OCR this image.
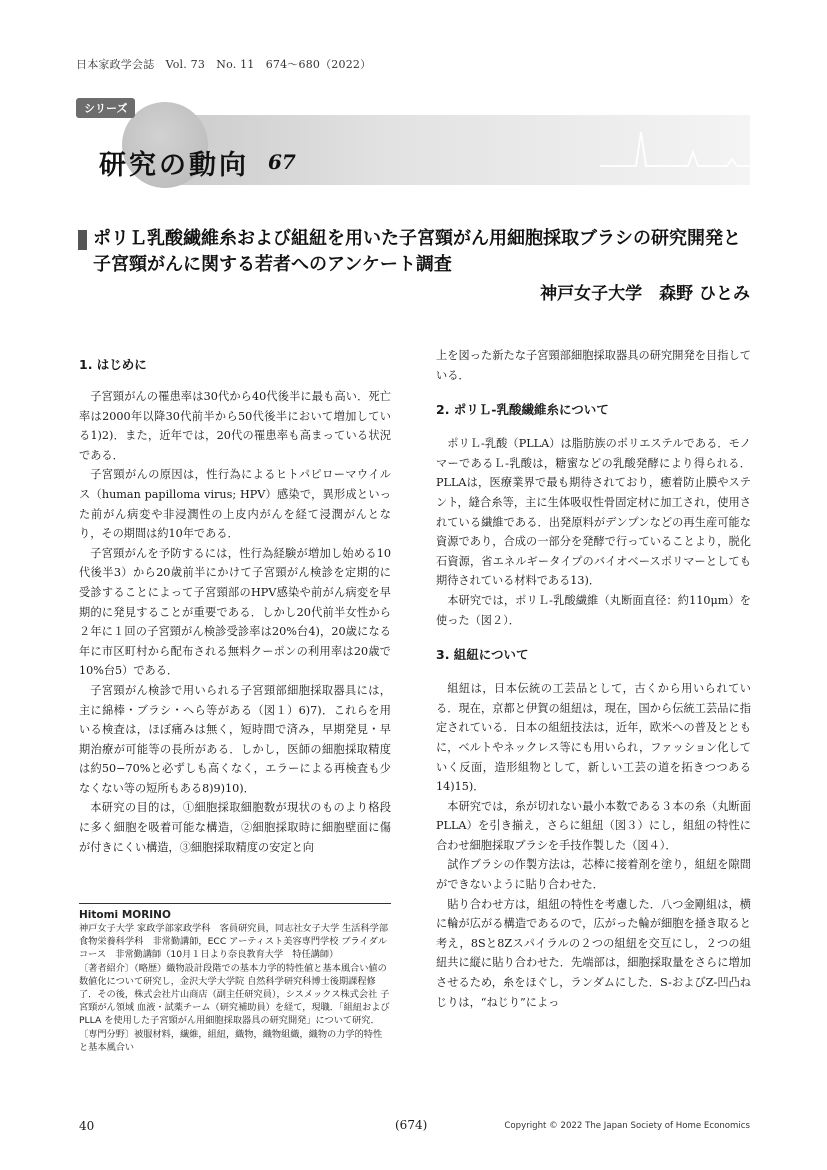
日本家政学会誌　Vol. 73　No. 11　674～680（2022）
シリーズ
研究の動向 67
ポリＬ乳酸繊維糸および組紐を用いた子宮頸がん用細胞採取ブラシの研究開発と子宮頸がんに関する若者へのアンケート調査
神戸女子大学　森野 ひとみ
1. はじめに

子宮頸がんの罹患率は30代から40代後半に最も高い．死亡率は2000年以降30代前半から50代後半において増加している1)2)．また，近年では，20代の罹患率も高まっている状況である．

子宮頸がんの原因は，性行為によるヒトパピローマウイルス（human papilloma virus; HPV）感染で，異形成といった前がん病変や非浸潤性の上皮内がんを経て浸潤がんとなり，その期間は約10年である．

子宮頸がんを予防するには，性行為経験が増加し始める10代後半3）から20歳前半にかけて子宮頸がん検診を定期的に受診することによって子宮頸部のHPV感染や前がん病変を早期的に発見することが重要である．しかし20代前半女性から２年に１回の子宮頸がん検診受診率は20%台4)，20歳になる年に市区町村から配布される無料クーポンの利用率は20歳で10%台5）である．

子宮頸がん検診で用いられる子宮頸部細胞採取器具には，主に綿棒・ブラシ・へら等がある（図１）6)7)．これらを用いる検査は，ほぼ痛みは無く，短時間で済み，早期発見・早期治療が可能等の長所がある．しかし，医師の細胞採取精度は約50−70%と必ずしも高くなく，エラーによる再検査も少なくない等の短所もある8)9)10)．

本研究の目的は，①細胞採取細胞数が現状のものより格段に多く細胞を吸着可能な構造，②細胞採取時に細胞壁面に傷が付きにくい構造，③細胞採取精度の安定と向

Hitomi MORINO
神戸女子大学 家政学部家政学科　客員研究員，同志社女子大学 生活科学部 食物栄養科学科　非常勤講師，ECC アーティスト美容専門学校 ブライダルコース　非常勤講師（10月１日より奈良教育大学　特任講師）
〔著者紹介〕（略歴）織物設計段階での基本力学的特性値と基本風合い値の数値化について研究し，金沢大学大学院 自然科学研究科博士後期課程修了．その後，株式会社片山商店（副主任研究員），シスメックス株式会社 子宮頸がん領域 血液・試薬チーム（研究補助員）を経て，現職．「組紐および PLLA を使用した子宮頸がん用細胞採取器具の研究開発」について研究．
〔専門分野〕被服材料，繊維，組紐，織物，織物組織，織物の力学的特性と基本風合い

上を図った新たな子宮頸部細胞採取器具の研究開発を目指している．

2. ポリＬ-乳酸繊維糸について

ポリＬ-乳酸（PLLA）は脂肪族のポリエステルである．モノマーであるＬ-乳酸は，糖蜜などの乳酸発酵により得られる．PLLAは，医療業界で最も期待されており，癒着防止膜やステント，縫合糸等，主に生体吸収性骨固定材に加工され，使用されている繊維である．出発原料がデンプンなどの再生産可能な資源であり，合成の一部分を発酵で行っていることより，脱化石資源，省エネルギータイプのバイオベースポリマーとしても期待されている材料である13)．

本研究では，ポリＬ-乳酸繊維（丸断面直径：約110μm）を使った（図２）．

3. 組紐について

組紐は，日本伝統の工芸品として，古くから用いられている．現在，京都と伊賀の組紐は，現在，国から伝統工芸品に指定されている．日本の組紐技法は，近年，欧米への普及とともに，ベルトやネックレス等にも用いられ，ファッション化していく反面，造形組物として，新しい工芸の道を拓きつつある14)15)．

本研究では，糸が切れない最小本数である３本の糸（丸断面 PLLA）を引き揃え，さらに組紐（図３）にし，組紐の特性に合わせ細胞採取ブラシを手技作製した（図４）．

試作ブラシの作製方法は，芯棒に接着剤を塗り，組紐を隙間ができないように貼り合わせた．

貼り合わせ方は，組紐の特性を考慮した．八つ金剛組は，横に輪が広がる構造であるので，広がった輪が細胞を掻き取ると考え，8Sと8Zスパイラルの２つの組紐を交互にし，２つの組紐共に縦に貼り合わせた．先端部は，細胞採取量をさらに増加させるため，糸をほぐし，ランダムにした．S-およびZ-凹凸ねじりは，“ねじり”によっ

40	(674)	Copyright © 2022 The Japan Society of Home Economics
